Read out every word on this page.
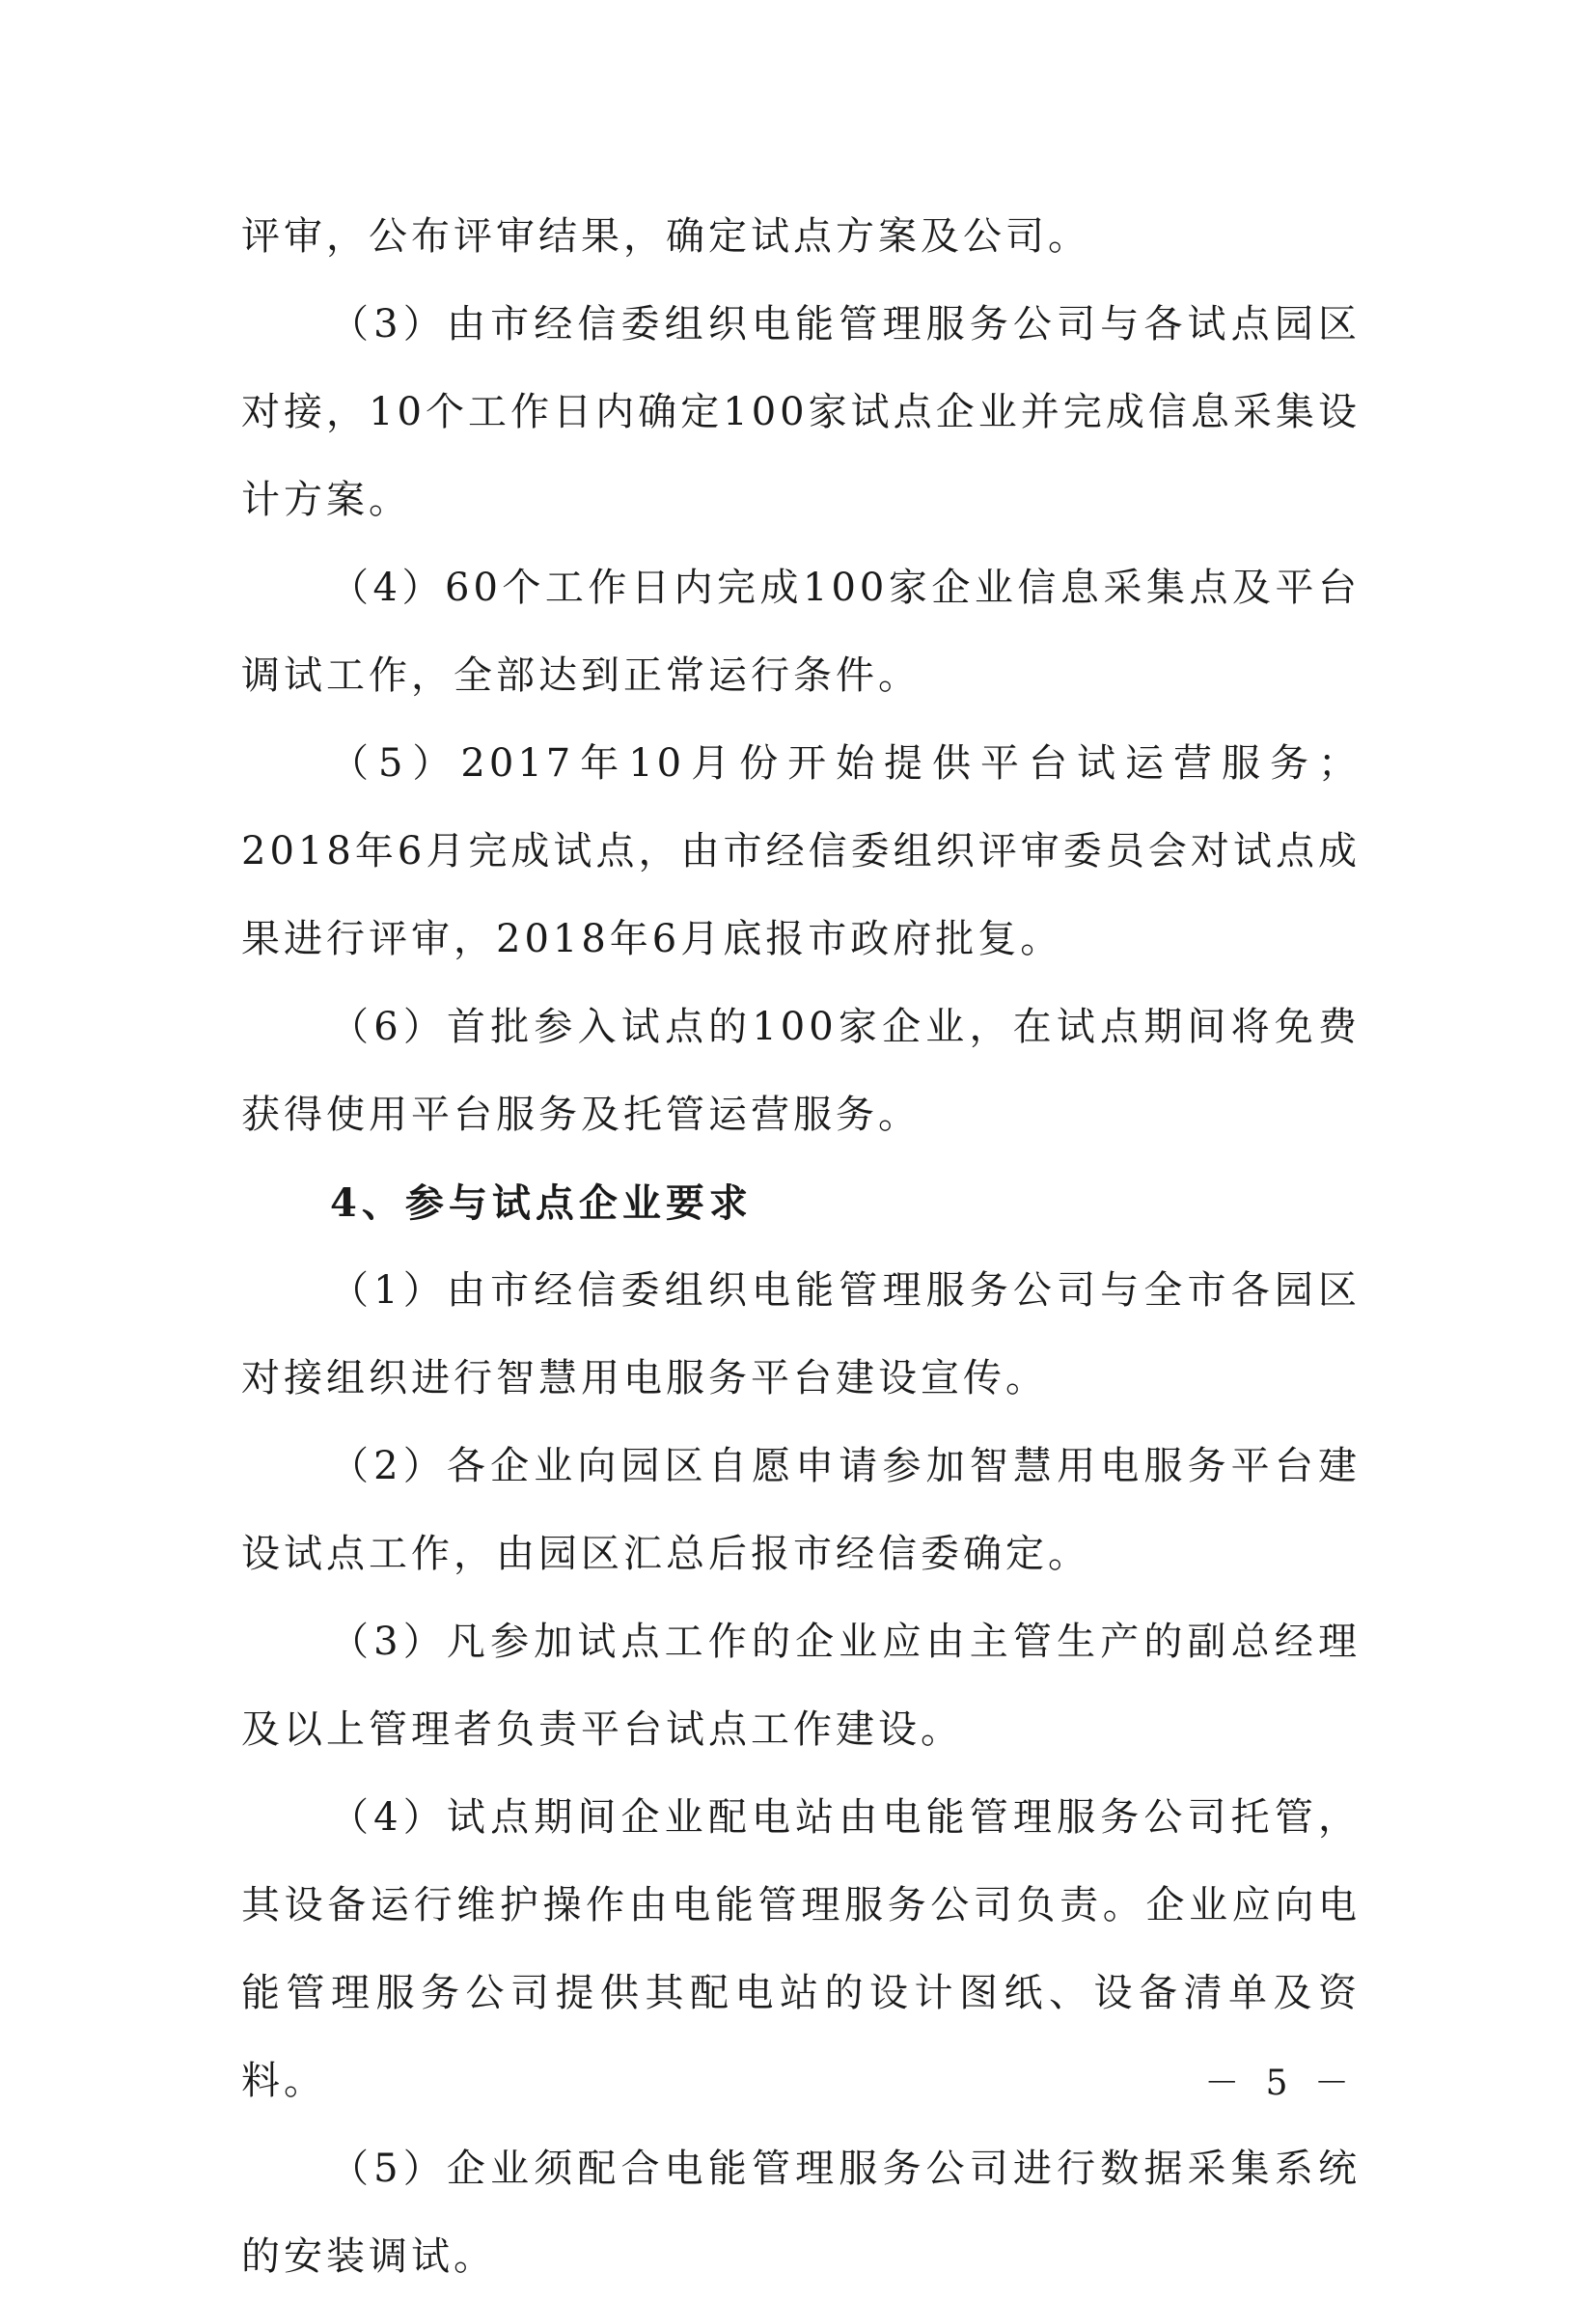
评审，公布评审结果，确定试点方案及公司。

（3）由市经信委组织电能管理服务公司与各试点园区对接，10个工作日内确定100家试点企业并完成信息采集设计方案。

（4）60个工作日内完成100家企业信息采集点及平台调试工作，全部达到正常运行条件。

（5）2017年10月份开始提供平台试运营服务；2018年6月完成试点，由市经信委组织评审委员会对试点成果进行评审，2018年6月底报市政府批复。

（6）首批参入试点的100家企业，在试点期间将免费获得使用平台服务及托管运营服务。

4、参与试点企业要求

（1）由市经信委组织电能管理服务公司与全市各园区对接组织进行智慧用电服务平台建设宣传。

（2）各企业向园区自愿申请参加智慧用电服务平台建设试点工作，由园区汇总后报市经信委确定。

（3）凡参加试点工作的企业应由主管生产的副总经理及以上管理者负责平台试点工作建设。

（4）试点期间企业配电站由电能管理服务公司托管，其设备运行维护操作由电能管理服务公司负责。企业应向电能管理服务公司提供其配电站的设计图纸、设备清单及资料。

（5）企业须配合电能管理服务公司进行数据采集系统的安装调试。

－ 5 －
